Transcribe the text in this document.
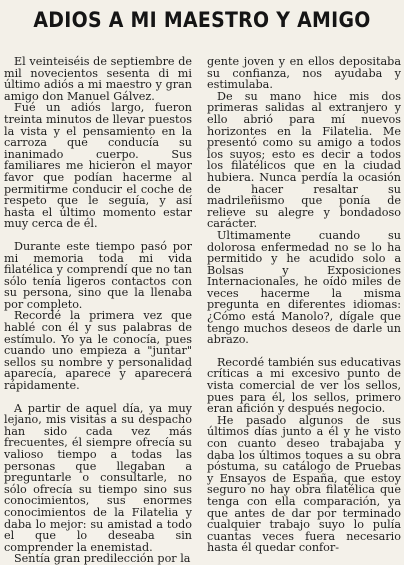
ADIOS A MI MAESTRO Y AMIGO

El veinteiséis de septiembre de mil novecientos sesenta di mi último adiós a mi maestro y gran amigo don Manuel Gálvez.

Fué un adiós largo, fueron treinta minutos de llevar puestos la vista y el pensamiento en la carroza que conducía su inanimado cuerpo. Sus familiares me hicieron el mayor favor que podían hacerme al permitirme conducir el coche de respeto que le seguía, y así hasta el último momento estar muy cerca de él.

Durante este tiempo pasó por mi memoria toda mi vida filatélica y comprendí que no tan sólo tenía ligeros contactos con su persona, sino que la llenaba por completo.

Recordé la primera vez que hablé con él y sus palabras de estímulo. Yo ya le conocía, pues cuando uno empieza a "juntar" sellos su nombre y personalidad aparecía, aparece y aparecerá rápidamente.

A partir de aquel día, ya muy lejano, mis visitas a su despacho han sido cada vez más frecuentes, él siempre ofrecía su valioso tiempo a todas las personas que llegaban a preguntarle o consultarle, no sólo ofrecía su tiempo sino sus conocimientos, sus enormes conocimientos de la Filatelia y daba lo mejor: su amistad a todo el que lo deseaba sin comprender la enemistad.

Sentía gran predilección por la

gente joven y en ellos depositaba su confianza, nos ayudaba y estimulaba.

De su mano hice mis dos primeras salidas al extranjero y ello abrió para mí nuevos horizontes en la Filatelia. Me presentó como su amigo a todos los suyos; esto es decir a todos los filatélicos que en la ciudad hubiera. Nunca perdía la ocasión de hacer resaltar su madrileñismo que ponía de relieve su alegre y bondadoso carácter.

Ultimamente cuando su dolorosa enfermedad no se lo ha permitido y he acudido solo a Bolsas y Exposiciones Internacionales, he oído miles de veces hacerme la misma pregunta en diferentes idiomas: ¿Cómo está Manolo?, dígale que tengo muchos deseos de darle un abrazo.

Recordé también sus educativas críticas a mi excesivo punto de vista comercial de ver los sellos, pues para él, los sellos, primero eran afición y después negocio.

He pasado algunos de sus últimos días junto a él y he visto con cuanto deseo trabajaba y daba los últimos toques a su obra póstuma, su catálogo de Pruebas y Ensayos de España, que estoy seguro no hay obra filatélica que tenga con ella comparación, ya que antes de dar por terminado cualquier trabajo suyo lo pulía cuantas veces fuera necesario hasta él quedar confor-
